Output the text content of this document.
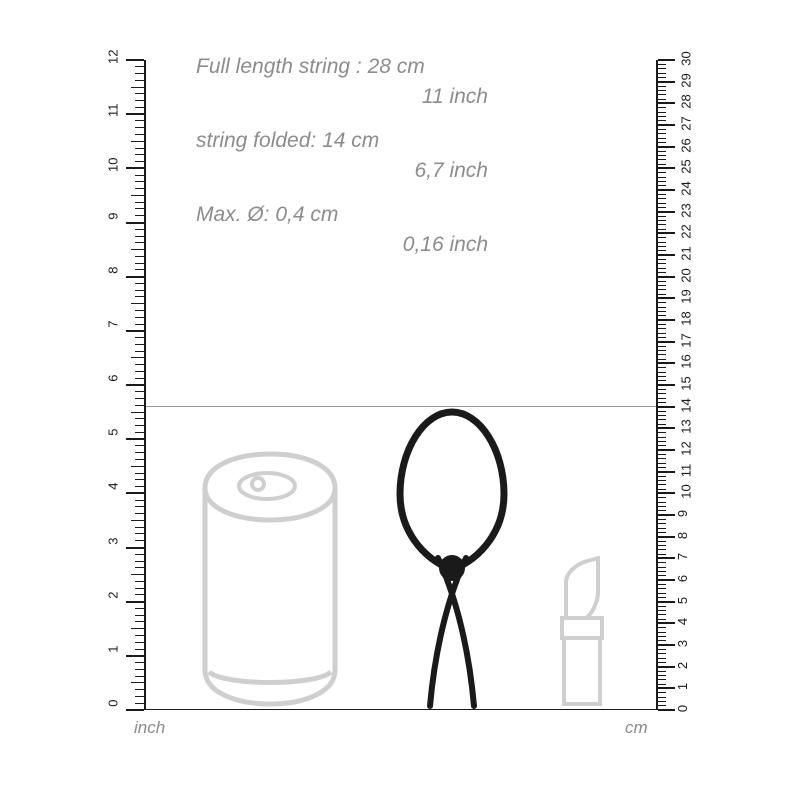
Full length string : 28 cm
11 inch
string folded: 14 cm
6,7 inch
Max. Ø: 0,4 cm
0,16 inch
0
1
2
3
4
5
6
7
8
9
10
11
12
inch
0
1
2
3
4
5
6
7
8
9
10
11
12
13
14
15
16
17
18
19
20
21
22
23
24
25
26
27
28
29
30
cm
